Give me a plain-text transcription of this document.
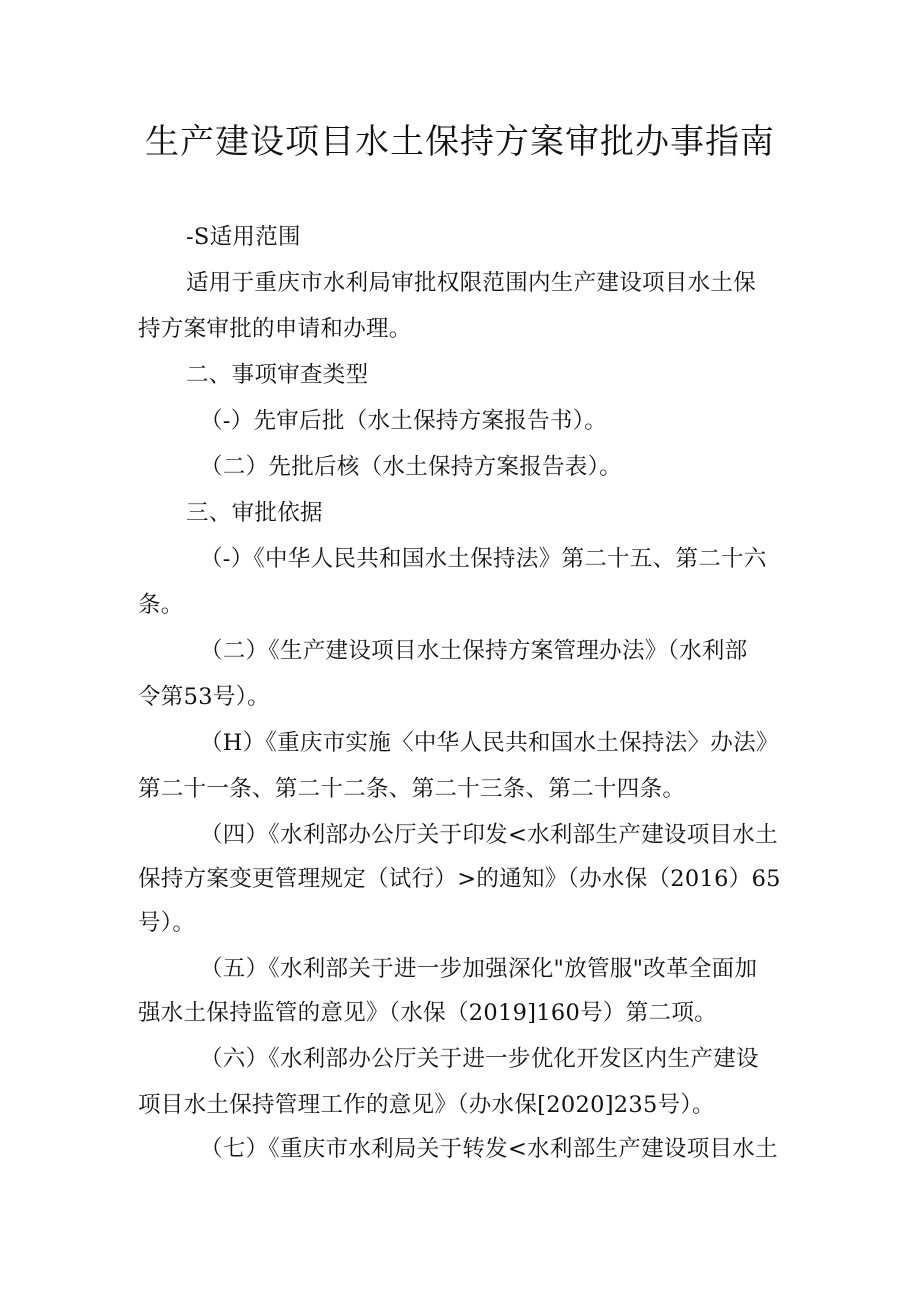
生产建设项目水土保持方案审批办事指南
-S适用范围
适用于重庆市水利局审批权限范围内生产建设项目水土保
持方案审批的申请和办理。
二、事项审查类型
（-）先审后批（水土保持方案报告书）。
（二）先批后核（水土保持方案报告表）。
三、审批依据
（-）《中华人民共和国水土保持法》第二十五、第二十六
条。
（二）《生产建设项目水土保持方案管理办法》（水利部
令第53号）。
（H）《重庆市实施〈中华人民共和国水土保持法〉办法》
第二十一条、第二十二条、第二十三条、第二十四条。
（四）《水利部办公厅关于印发<水利部生产建设项目水土
保持方案变更管理规定（试行）>的通知》（办水保（2016）65
号）。
（五）《水利部关于进一步加强深化"放管服"改革全面加
强水土保持监管的意见》（水保（2019]160号）第二项。
（六）《水利部办公厅关于进一步优化开发区内生产建设
项目水土保持管理工作的意见》（办水保[2020]235号）。
（七）《重庆市水利局关于转发<水利部生产建设项目水土
